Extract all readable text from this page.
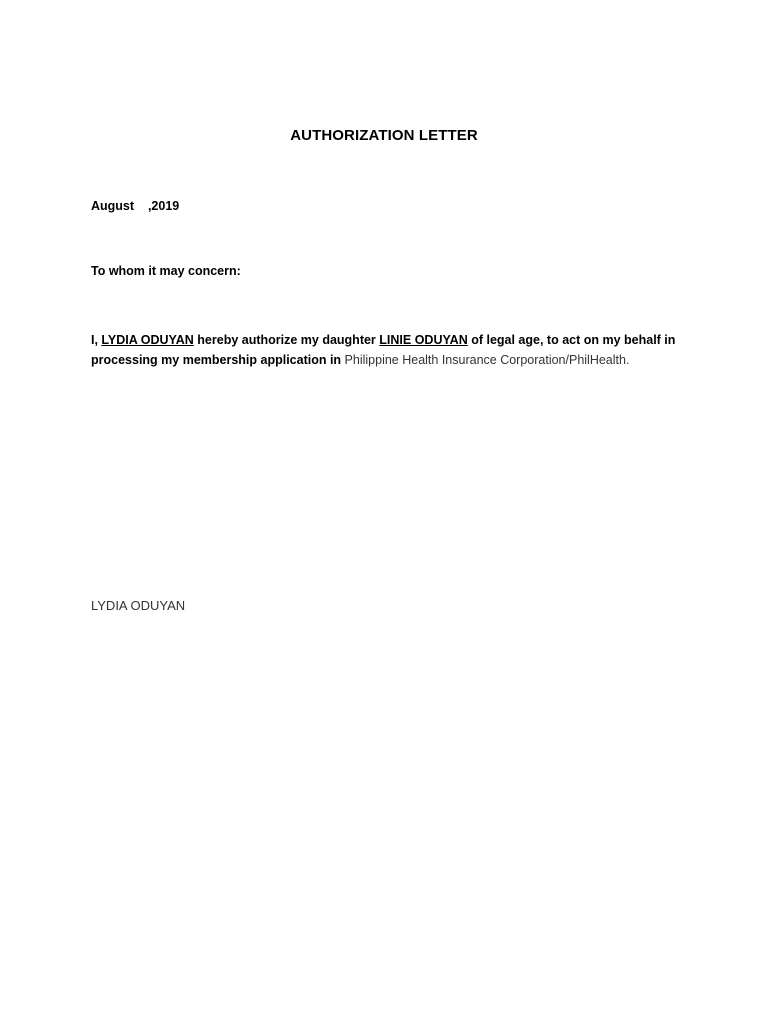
AUTHORIZATION LETTER
August    ,2019
To whom it may concern:
I, LYDIA ODUYAN hereby authorize my daughter LINIE ODUYAN of legal age, to act on my behalf in processing my membership application in Philippine Health Insurance Corporation/PhilHealth.
LYDIA ODUYAN
